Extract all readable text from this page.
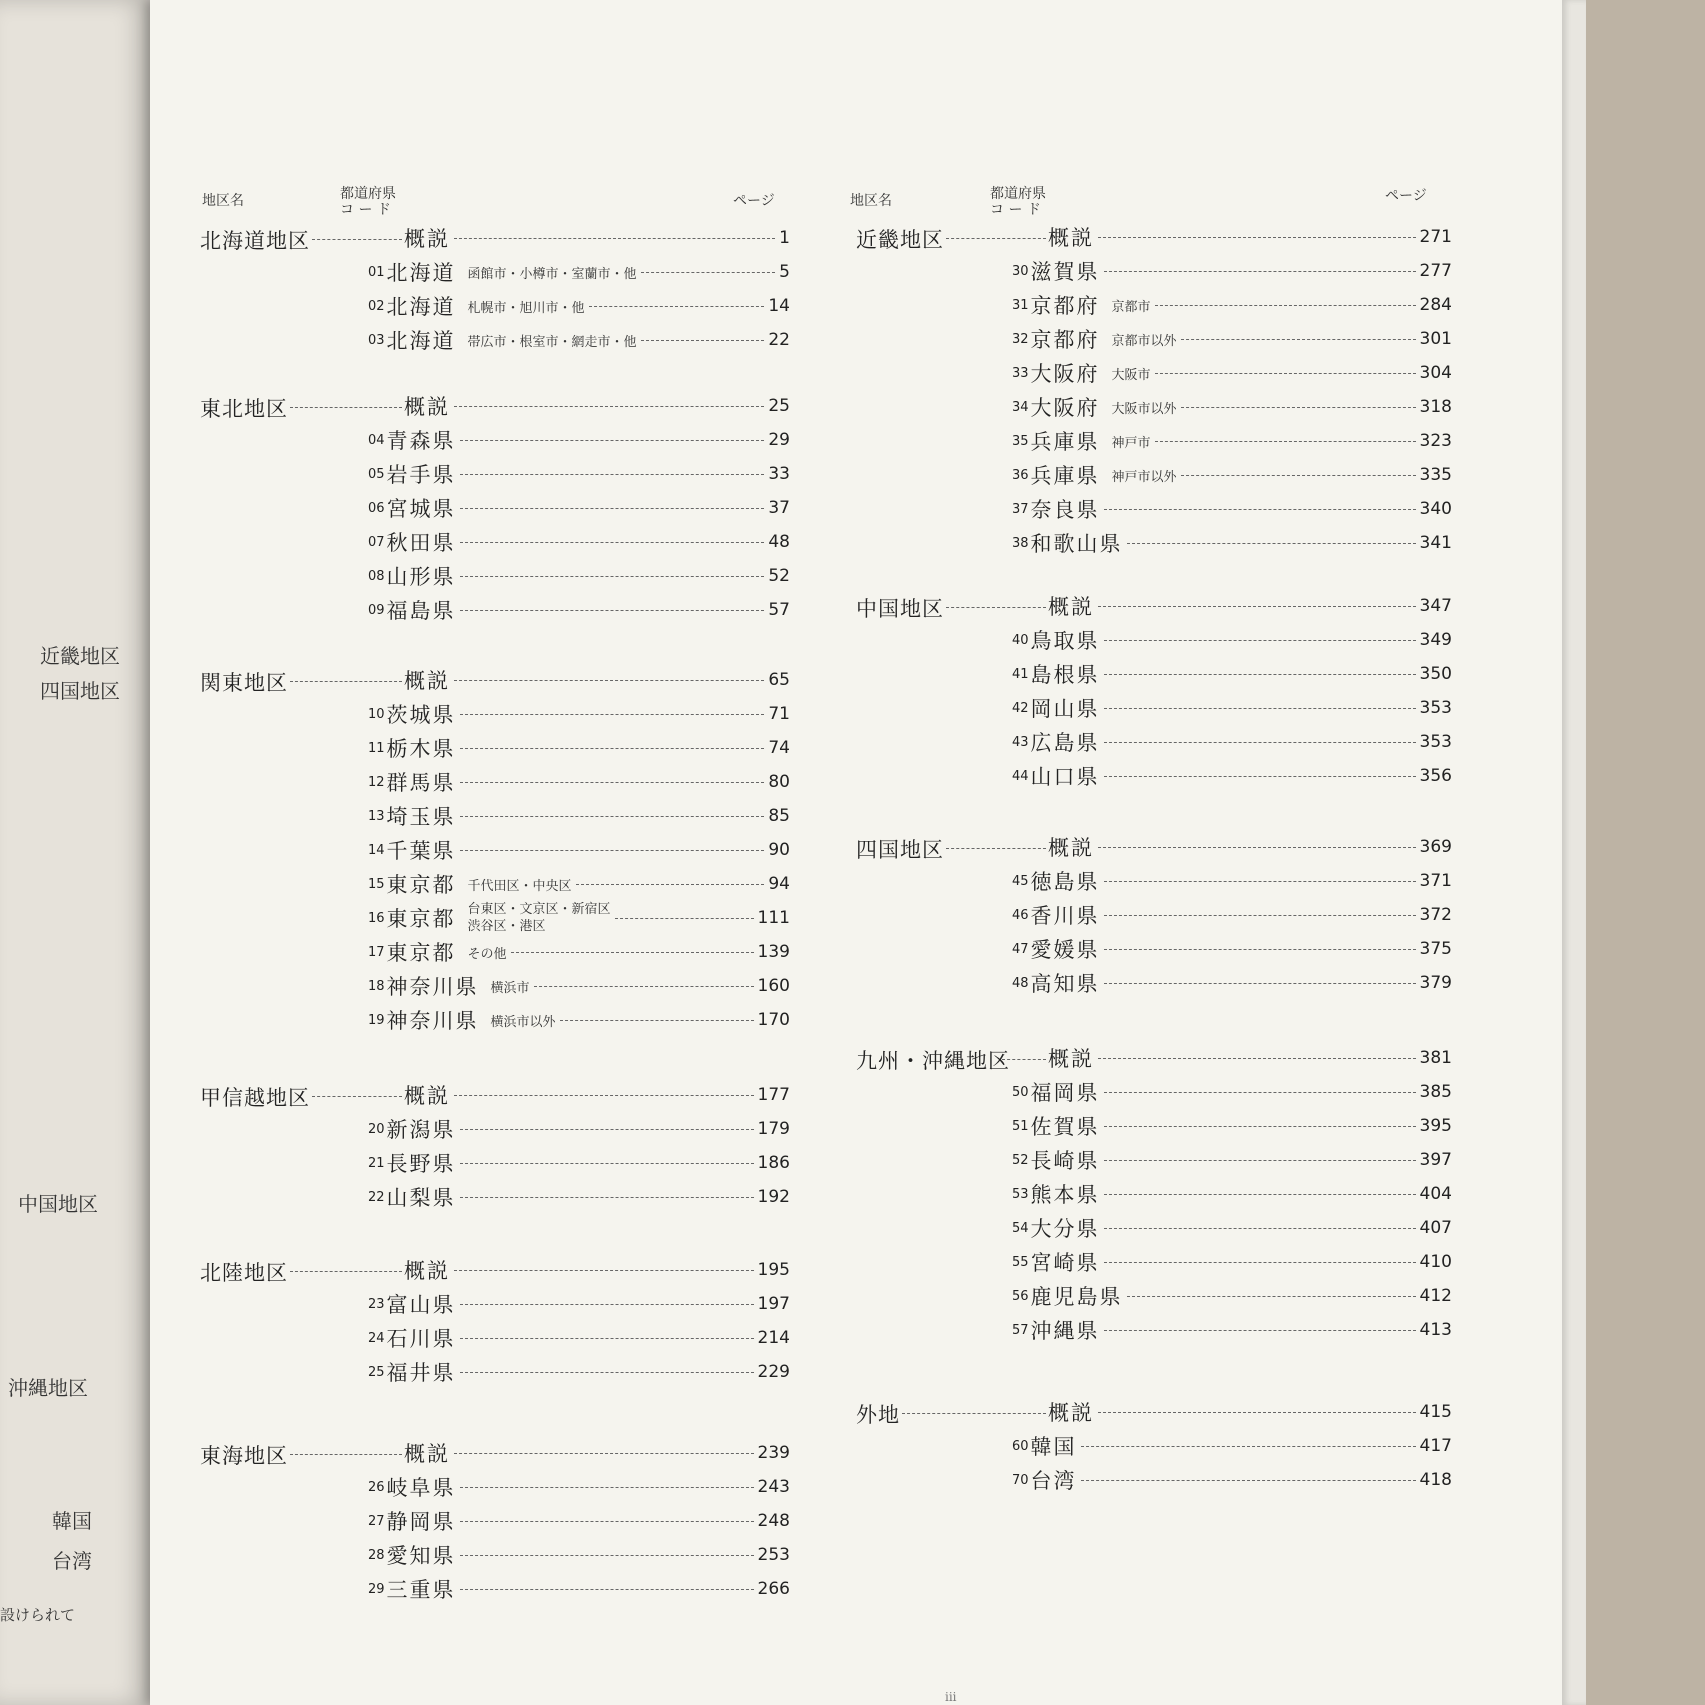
近畿地区
四国地区
中国地区
沖縄地区
韓国
台湾
設けられて
地区名	都道府県
コ ー ド
ページ	地区名	都道府県
コ ー ド
ページ
北海道地区	概説	1
01 北海道 函館市・小樽市・室蘭市・他	5
02 北海道 札幌市・旭川市・他	14
03 北海道 帯広市・根室市・網走市・他	22
東北地区	概説	25
04 青森県	29
05 岩手県	33
06 宮城県	37
07 秋田県	48
08 山形県	52
09 福島県	57
関東地区	概説	65
10 茨城県	71
11 栃木県	74
12 群馬県	80
13 埼玉県	85
14 千葉県	90
15 東京都 千代田区・中央区	94
16 東京都 台東区・文京区・新宿区
渋谷区・港区	111
17 東京都 その他	139
18 神奈川県 横浜市	160
19 神奈川県 横浜市以外	170
甲信越地区	概説	177
20 新潟県	179
21 長野県	186
22 山梨県	192
北陸地区	概説	195
23 富山県	197
24 石川県	214
25 福井県	229
東海地区	概説	239
26 岐阜県	243
27 静岡県	248
28 愛知県	253
29 三重県	266
近畿地区	概説	271
30 滋賀県	277
31 京都府 京都市	284
32 京都府 京都市以外	301
33 大阪府 大阪市	304
34 大阪府 大阪市以外	318
35 兵庫県 神戸市	323
36 兵庫県 神戸市以外	335
37 奈良県	340
38 和歌山県	341
中国地区	概説	347
40 鳥取県	349
41 島根県	350
42 岡山県	353
43 広島県	353
44 山口県	356
四国地区	概説	369
45 徳島県	371
46 香川県	372
47 愛媛県	375
48 高知県	379
九州・沖縄地区 概説	381
50 福岡県	385
51 佐賀県	395
52 長崎県	397
53 熊本県	404
54 大分県	407
55 宮崎県	410
56 鹿児島県	412
57 沖縄県	413
外地	概説	415
60 韓国	417
70 台湾	418
iii
